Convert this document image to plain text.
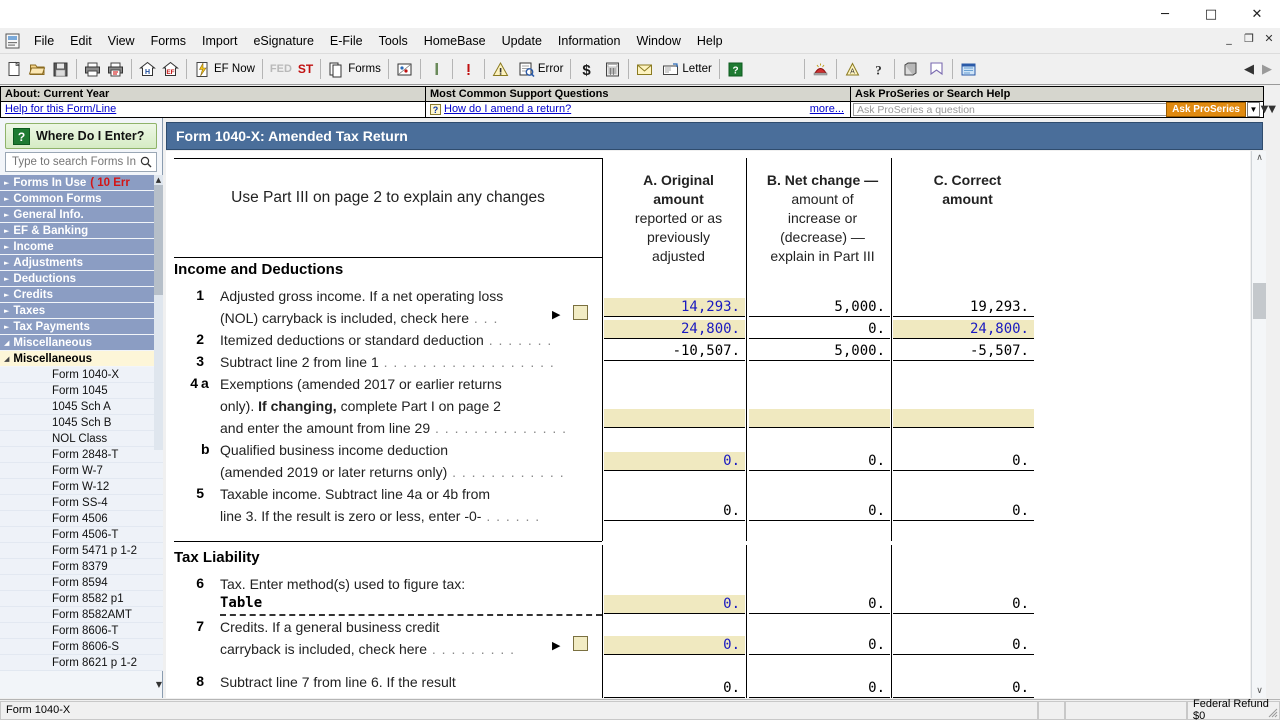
─	□	✕
File	Edit	View	Forms	Import	eSignature	E-File	Tools	HomeBase	Update	Information	Window	Help	_	❐ ✕
H	EF	EF Now FED ST	Forms	Error $	Letter ?	A ?	◀ ▶
About: Current Year
Help for this Form/Line
Most Common Support Questions
? How do I amend a return?	more...
Ask ProSeries or Search Help
Ask ProSeries a question	Ask ProSeries	▼ ▼▼
? Where Do I Enter?
Type to search Forms In
► Forms In Use ( 10 Err
► Common Forms
► General Info.
► EF & Banking
► Income
► Adjustments
► Deductions
► Credits
► Taxes
► Tax Payments
◢ Miscellaneous
◢ Miscellaneous
Form 1040-X
Form 1045
1045 Sch A
1045 Sch B
NOL Class
Form 2848-T
Form W-7
Form W-12
Form SS-4
Form 4506
Form 4506-T
Form 5471 p 1-2
Form 8379
Form 8594
Form 8582 p1
Form 8582AMT
Form 8606-T
Form 8606-S
Form 8621 p 1-2
▲
▼
Form 1040-X: Amended Tax Return
Use Part III on page 2 to explain any changes
A. Original
amount
reported or as
previously
adjusted
B. Net change —
amount of
increase or
(decrease) —
explain in Part III
C. Correct
amount
Income and Deductions
1 Adjusted gross income. If a net operating loss
(NOL) carryback is included, check here . . .	▶	14,293.	5,000.	19,293.
2 Itemized deductions or standard deduction . . . . . . .
24,800.	0.	24,800.
3 Subtract line 2 from line 1 . . . . . . . . . . . . . . . . . .
-10,507.	5,000.	-5,507.
4 a Exemptions (amended 2017 or earlier returns
only). If changing, complete Part I on page 2
and enter the amount from line 29 . . . . . . . . . . . . . .
b Qualified business income deduction
(amended 2019 or later returns only) . . . . . . . . . . . .
0.	0.	0.
5 Taxable income. Subtract line 4a or 4b from
line 3. If the result is zero or less, enter -0- . . . . . .	0.	0.	0.
Tax Liability
6 Tax. Enter method(s) used to figure tax:
Table	0.	0.	0.
7 Credits. If a general business credit
carryback is included, check here . . . . . . . . .	▶	0.	0.	0.
8 Subtract line 7 from line 6. If the result	0.	0.	0.
∧
∨
Form 1040-X	Federal Refund $0
